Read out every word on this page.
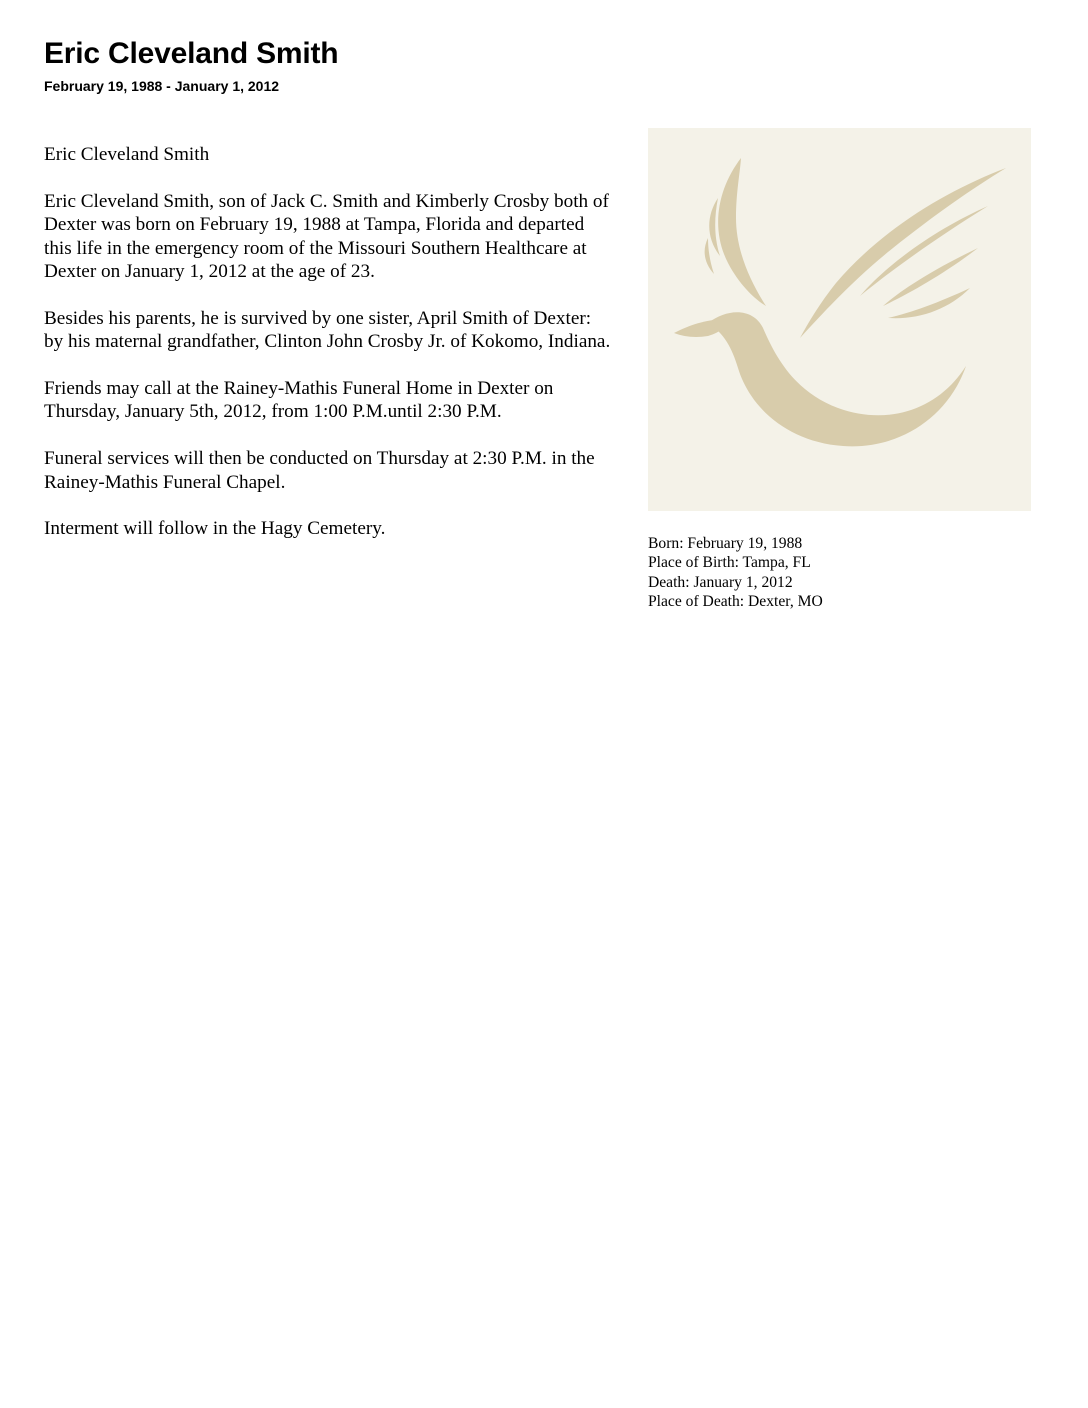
Eric Cleveland Smith
February 19, 1988 - January 1, 2012

Eric Cleveland Smith

Eric Cleveland Smith, son of Jack C. Smith and Kimberly Crosby both of Dexter was born on February 19, 1988 at Tampa, Florida and departed this life in the emergency room of the Missouri Southern Healthcare at Dexter on January 1, 2012 at the age of 23.

Besides his parents, he is survived by one sister, April Smith of Dexter: by his maternal grandfather, Clinton John Crosby Jr. of Kokomo, Indiana.

Friends may call at the Rainey-Mathis Funeral Home in Dexter on Thursday, January 5th, 2012, from 1:00 P.M.until 2:30 P.M.

Funeral services will then be conducted on Thursday at 2:30 P.M. in the Rainey-Mathis Funeral Chapel.

Interment will follow in the Hagy Cemetery.

Born: February 19, 1988
Place of Birth: Tampa, FL
Death: January 1, 2012
Place of Death: Dexter, MO
